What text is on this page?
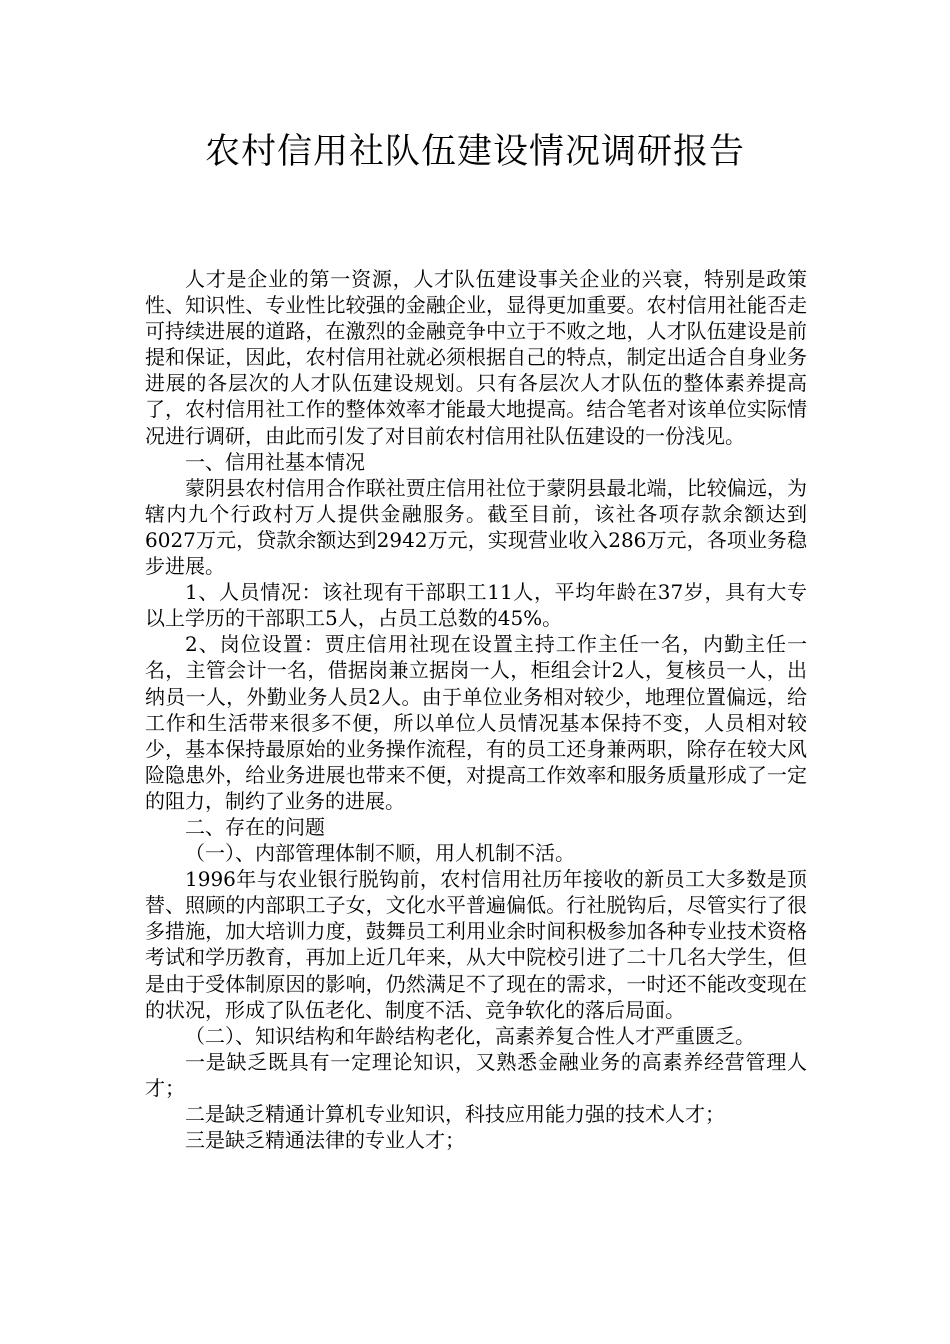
农村信用社队伍建设情况调研报告

人才是企业的第一资源，人才队伍建设事关企业的兴衰，特别是政策性、知识性、专业性比较强的金融企业，显得更加重要。农村信用社能否走可持续进展的道路，在激烈的金融竞争中立于不败之地，人才队伍建设是前提和保证，因此，农村信用社就必须根据自己的特点，制定出适合自身业务进展的各层次的人才队伍建设规划。只有各层次人才队伍的整体素养提高了，农村信用社工作的整体效率才能最大地提高。结合笔者对该单位实际情况进行调研，由此而引发了对目前农村信用社队伍建设的一份浅见。

一、信用社基本情况

蒙阴县农村信用合作联社贾庄信用社位于蒙阴县最北端，比较偏远，为辖内九个行政村万人提供金融服务。截至目前，该社各项存款余额达到6027万元，贷款余额达到2942万元，实现营业收入286万元，各项业务稳步进展。

1、人员情况：该社现有干部职工11人，平均年龄在37岁，具有大专以上学历的干部职工5人，占员工总数的45%。

2、岗位设置：贾庄信用社现在设置主持工作主任一名，内勤主任一名，主管会计一名，借据岗兼立据岗一人，柜组会计2人，复核员一人，出纳员一人，外勤业务人员2人。由于单位业务相对较少，地理位置偏远，给工作和生活带来很多不便，所以单位人员情况基本保持不变，人员相对较少，基本保持最原始的业务操作流程，有的员工还身兼两职，除存在较大风险隐患外，给业务进展也带来不便，对提高工作效率和服务质量形成了一定的阻力，制约了业务的进展。

二、存在的问题

（一）、内部管理体制不顺，用人机制不活。

1996年与农业银行脱钩前，农村信用社历年接收的新员工大多数是顶替、照顾的内部职工子女，文化水平普遍偏低。行社脱钩后，尽管实行了很多措施，加大培训力度，鼓舞员工利用业余时间积极参加各种专业技术资格考试和学历教育，再加上近几年来，从大中院校引进了二十几名大学生，但是由于受体制原因的影响，仍然满足不了现在的需求，一时还不能改变现在的状况，形成了队伍老化、制度不活、竞争软化的落后局面。

（二）、知识结构和年龄结构老化，高素养复合性人才严重匮乏。

一是缺乏既具有一定理论知识，又熟悉金融业务的高素养经营管理人才；

二是缺乏精通计算机专业知识，科技应用能力强的技术人才；

三是缺乏精通法律的专业人才；
